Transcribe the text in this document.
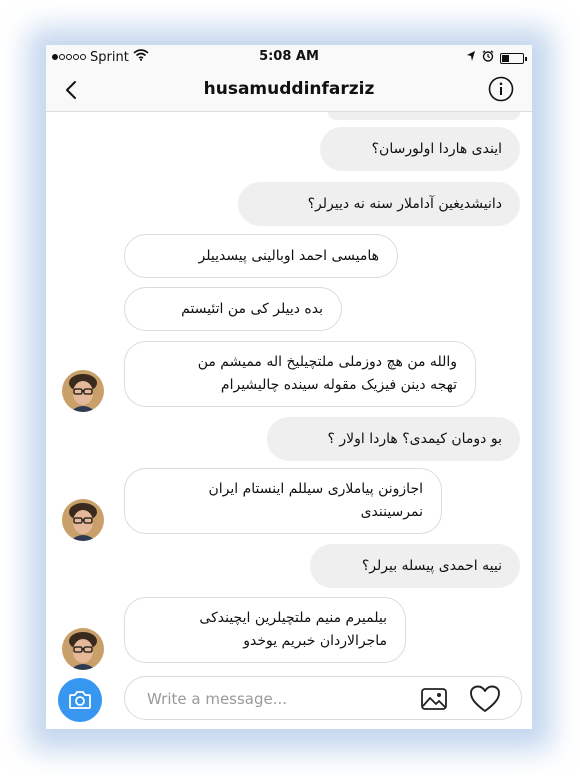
Sprint	5:08 AM
husamuddinfarziz
ایندی هاردا اولورسان؟
دانیشدیغین آداملار سنه نه دییرلر؟
هامیسی احمد اوبالینی پیسدییلر
بده دییلر کی من اتئیستم
والله من هچ دوزملی ملتچیلیخ اله ممیشم من
تهجه دینن فیزیک مقوله سینده چالیشیرام
بو دومان کیمدی؟ هاردا اولار ؟
اجازونن پیاملاری سیللم اینستام ایران
نمرسینندی
نییه احمدی پیسله بیرلر؟
بیلمیرم منیم ملتچیلرین ایچیندکی
ماجرالاردان خبریم یوخدو
Write a message...
